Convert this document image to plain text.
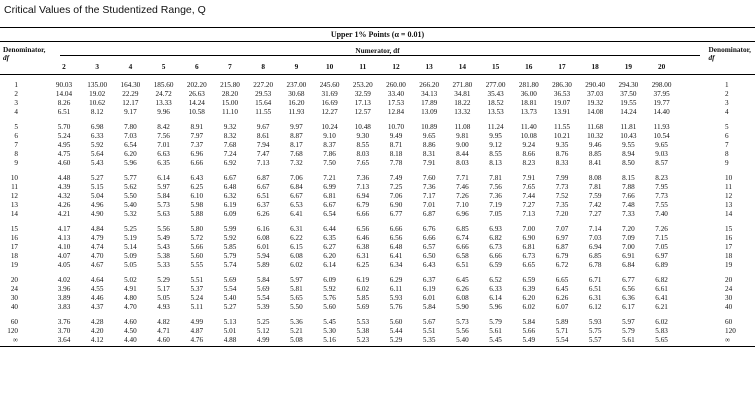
Critical Values of the Studentized Range, Q
Upper 1% Points (α = 0.01)
Denominator,
df
Numerator, df	Denominator,
df
2	3	4	5	6	7	8	9	10	11	12	13	14	15	16	17	18	19	20
1	90.03	135.00	164.30	185.60	202.20	215.80	227.20	237.00	245.60	253.20	260.00	266.20	271.80	277.00	281.80	286.30	290.40	294.30	298.00	1
2	14.04	19.02	22.29	24.72	26.63	28.20	29.53	30.68	31.69	32.59	33.40	34.13	34.81	35.43	36.00	36.53	37.03	37.50	37.95	2
3	8.26	10.62	12.17	13.33	14.24	15.00	15.64	16.20	16.69	17.13	17.53	17.89	18.22	18.52	18.81	19.07	19.32	19.55	19.77	3
4	6.51	8.12	9.17	9.96	10.58	11.10	11.55	11.93	12.27	12.57	12.84	13.09	13.32	13.53	13.73	13.91	14.08	14.24	14.40	4
5	5.70	6.98	7.80	8.42	8.91	9.32	9.67	9.97	10.24	10.48	10.70	10.89	11.08	11.24	11.40	11.55	11.68	11.81	11.93	5
6	5.24	6.33	7.03	7.56	7.97	8.32	8.61	8.87	9.10	9.30	9.49	9.65	9.81	9.95	10.08	10.21	10.32	10.43	10.54	6
7	4.95	5.92	6.54	7.01	7.37	7.68	7.94	8.17	8.37	8.55	8.71	8.86	9.00	9.12	9.24	9.35	9.46	9.55	9.65	7
8	4.75	5.64	6.20	6.63	6.96	7.24	7.47	7.68	7.86	8.03	8.18	8.31	8.44	8.55	8.66	8.76	8.85	8.94	9.03	8
9	4.60	5.43	5.96	6.35	6.66	6.92	7.13	7.32	7.50	7.65	7.78	7.91	8.03	8.13	8.23	8.33	8.41	8.50	8.57	9
10	4.48	5.27	5.77	6.14	6.43	6.67	6.87	7.06	7.21	7.36	7.49	7.60	7.71	7.81	7.91	7.99	8.08	8.15	8.23	10
11	4.39	5.15	5.62	5.97	6.25	6.48	6.67	6.84	6.99	7.13	7.25	7.36	7.46	7.56	7.65	7.73	7.81	7.88	7.95	11
12	4.32	5.04	5.50	5.84	6.10	6.32	6.51	6.67	6.81	6.94	7.06	7.17	7.26	7.36	7.44	7.52	7.59	7.66	7.73	12
13	4.26	4.96	5.40	5.73	5.98	6.19	6.37	6.53	6.67	6.79	6.90	7.01	7.10	7.19	7.27	7.35	7.42	7.48	7.55	13
14	4.21	4.90	5.32	5.63	5.88	6.09	6.26	6.41	6.54	6.66	6.77	6.87	6.96	7.05	7.13	7.20	7.27	7.33	7.40	14
15	4.17	4.84	5.25	5.56	5.80	5.99	6.16	6.31	6.44	6.56	6.66	6.76	6.85	6.93	7.00	7.07	7.14	7.20	7.26	15
16	4.13	4.79	5.19	5.49	5.72	5.92	6.08	6.22	6.35	6.46	6.56	6.66	6.74	6.82	6.90	6.97	7.03	7.09	7.15	16
17	4.10	4.74	5.14	5.43	5.66	5.85	6.01	6.15	6.27	6.38	6.48	6.57	6.66	6.73	6.81	6.87	6.94	7.00	7.05	17
18	4.07	4.70	5.09	5.38	5.60	5.79	5.94	6.08	6.20	6.31	6.41	6.50	6.58	6.66	6.73	6.79	6.85	6.91	6.97	18
19	4.05	4.67	5.05	5.33	5.55	5.74	5.89	6.02	6.14	6.25	6.34	6.43	6.51	6.59	6.65	6.72	6.78	6.84	6.89	19
20	4.02	4.64	5.02	5.29	5.51	5.69	5.84	5.97	6.09	6.19	6.29	6.37	6.45	6.52	6.59	6.65	6.71	6.77	6.82	20
24	3.96	4.55	4.91	5.17	5.37	5.54	5.69	5.81	5.92	6.02	6.11	6.19	6.26	6.33	6.39	6.45	6.51	6.56	6.61	24
30	3.89	4.46	4.80	5.05	5.24	5.40	5.54	5.65	5.76	5.85	5.93	6.01	6.08	6.14	6.20	6.26	6.31	6.36	6.41	30
40	3.83	4.37	4.70	4.93	5.11	5.27	5.39	5.50	5.60	5.69	5.76	5.84	5.90	5.96	6.02	6.07	6.12	6.17	6.21	40
60	3.76	4.28	4.60	4.82	4.99	5.13	5.25	5.36	5.45	5.53	5.60	5.67	5.73	5.79	5.84	5.89	5.93	5.97	6.02	60
120	3.70	4.20	4.50	4.71	4.87	5.01	5.12	5.21	5.30	5.38	5.44	5.51	5.56	5.61	5.66	5.71	5.75	5.79	5.83	120
∞	3.64	4.12	4.40	4.60	4.76	4.88	4.99	5.08	5.16	5.23	5.29	5.35	5.40	5.45	5.49	5.54	5.57	5.61	5.65	∞
